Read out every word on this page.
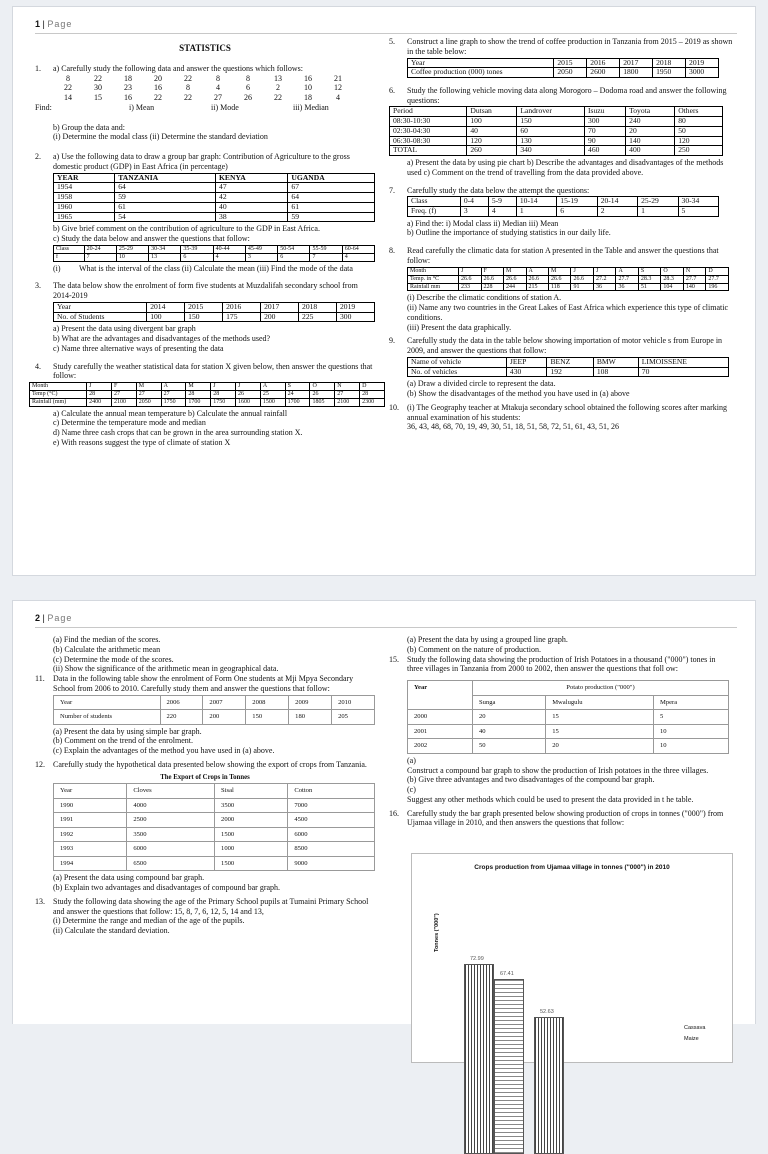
1 | Page
STATISTICS
1.	a) Carefully study the following data and answer the questions which follows:
8	22	18	20	22	8	8	13	16	21
22	30	23	16	8	4	6	2	10	12
14	15	16	22	22	27	26	22	18	4
Find:	i) Mean	ii) Mode	iii) Median
b) Group the data and:
(i) Determine the modal class (ii) Determine the standard deviation
2.	a) Use the following data to draw a group bar graph: Contribution of Agriculture to the gross domestic product (GDP) in East Africa (in percentage)
YEAR	TANZANIA	KENYA	UGANDA
1954	64	47	67
1958	59	42	64
1960	61	40	61
1965	54	38	59
b) Give brief comment on the contribution of agriculture to the GDP in East Africa.
c) Study the data below and answer the questions that follow:
Class	20-24	25-29	30-34	35-39	40-44	45-49	50-54	55-59	60-64
f	7	10	13	6	4	3	6	7	4
(i)	What is the interval of the class (ii) Calculate the mean (iii) Find the mode of the data
3.	The data below show the enrolment of form five students at Muzdalifah secondary school from 2014-2019
Year	2014	2015	2016	2017	2018	2019
No. of Students	100	150	175	200	225	300
a) Present the data using divergent bar graph
b) What are the advantages and disadvantages of the methods used?
c) Name three alternative ways of presenting the data
4.	Study carefully the weather statistical data for station X given below, then answer the questions that follow:
Month	J	F	M	A	M	J	J	A	S	O	N	D
Temp (°C)	28	27	27	27	28	28	26	25	24	26	27	28
Rainfall (mm)	2400	2100	2050	1750	1700	1750	1600	1500	1700	1805	2100	2300
a) Calculate the annual mean temperature b) Calculate the annual rainfall
c) Determine the temperature mode and median
d) Name three cash crops that can be grown in the area surrounding station X.
e) With reasons suggest the type of climate of station X
5.	Construct a line graph to show the trend of coffee production in Tanzania from 2015 – 2019 as shown in the table below:
Year	2015	2016	2017	2018	2019
Coffee production (000) tones	2050	2600	1800	1950	3000
6.	Study the following vehicle moving data along Morogoro – Dodoma road and answer the following questions:
Period	Dutsan	Landrover	Isuzu	Toyota	Others
08:30-10:30	100	150	300	240	80
02:30-04:30	40	60	70	20	50
06:30-08:30	120	130	90	140	120
TOTAL	260	340	460	400	250
a) Present the data by using pie chart b) Describe the advantages and disadvantages of the methods used c) Comment on the trend of travelling from the data provided above.
7.	Carefully study the data below the attempt the questions:
Class	0-4	5-9	10-14	15-19	20-14	25-29	30-34
Freq. (f)	3	4	1	6	2	1	5
a) Find the: i) Modal class ii) Median iii) Mean
b) Outline the importance of studying statistics in our daily life.
8.	Read carefully the climatic data for station A presented in the Table and answer the questions that follow:
Month	J	F	M	A	M	J	J	A	S	O	N	D
Temp. in °C	26.6	26.6	26.6	26.6	26.6	26.6	27.2	27.7	28.3	28.3	27.7	27.7
Rainfall mm	233	228	244	215	118	91	36	36	51	104	140	196
(i) Describe the climatic conditions of station A.
(ii) Name any two countries in the Great Lakes of East Africa which experience this type of climatic conditions.
(iii) Present the data graphically.
9.	Carefully study the data in the table below showing importation of motor vehicle s from Europe in 2009, and answer the questions that follow:
Name of vehicle	JEEP	BENZ	BMW	LIMOISSENE
No. of vehicles	430	192	108	70
(a) Draw a divided circle to represent the data.
(b) Show the disadvantages of the method you have used in (a) above
10.	(i) The Geography teacher at Mtakuja secondary school obtained the following scores after marking annual examination of his students:
36, 43, 48, 68, 70, 19, 49, 30, 51, 18, 51, 58, 72, 51, 61, 43, 51, 26
2 | Page
(a) Find the median of the scores.
(b) Calculate the arithmetic mean
(c) Determine the mode of the scores.
(ii) Show the significance of the arithmetic mean in geographical data.
11.	Data in the following table show the enrolment of Form One students at Mji Mpya Secondary School from 2006 to 2010. Carefully study them and answer the questions that follow:
Year	2006	2007	2008	2009	2010
Number of students	220	200	150	180	205
(a) Present the data by using simple bar graph.
(b) Comment on the trend of the enrolment.
(c) Explain the advantages of the method you have used in (a) above.
12.	Carefully study the hypothetical data presented below showing the export of crops from Tanzania.
The Export of Crops in Tonnes
Year	Cloves	Sisal	Cotton
1990	4000	3500	7000
1991	2500	2000	4500
1992	3500	1500	6000
1993	6000	1000	8500
1994	6500	1500	9000
(a) Present the data using compound bar graph.
(b) Explain two advantages and disadvantages of compound bar graph.
13.	Study the following data showing the age of the Primary School pupils at Tumaini Primary School and answer the questions that follow: 15, 8, 7, 6, 12, 5, 14 and 13,
(i) Determine the range and median of the age of the pupils.
(ii) Calculate the standard deviation.
(a) Present the data by using a grouped line graph.
(b) Comment on the nature of production.
15.	Study the following data showing the production of Irish Potatoes in a thousand ("000") tones in
three villages in Tanzania from 2000 to 2002, then answer the questions that foll ow:
Year	Potato production ("000")		
	Sunga	Mwalugulu	Mpera
2000	20	15	5
2001	40	15	10
2002	50	20	10
(a)
Construct a compound bar graph to show the production of Irish potatoes in the three villages.
(b) Give three advantages and two disadvantages of the compound bar graph.
(c)
Suggest any other methods which could be used to present the data provided in t he table.
16.	Carefully study the bar graph presented below showing production of crops in tonnes ("000") from Ujamaa village in 2010, and then answers the questions that follow:
Crops production from Ujamaa village in tonnes ("000") in 2010
Tonnes ("000")
Cassava
Maize
72.99
67.41
52.63
